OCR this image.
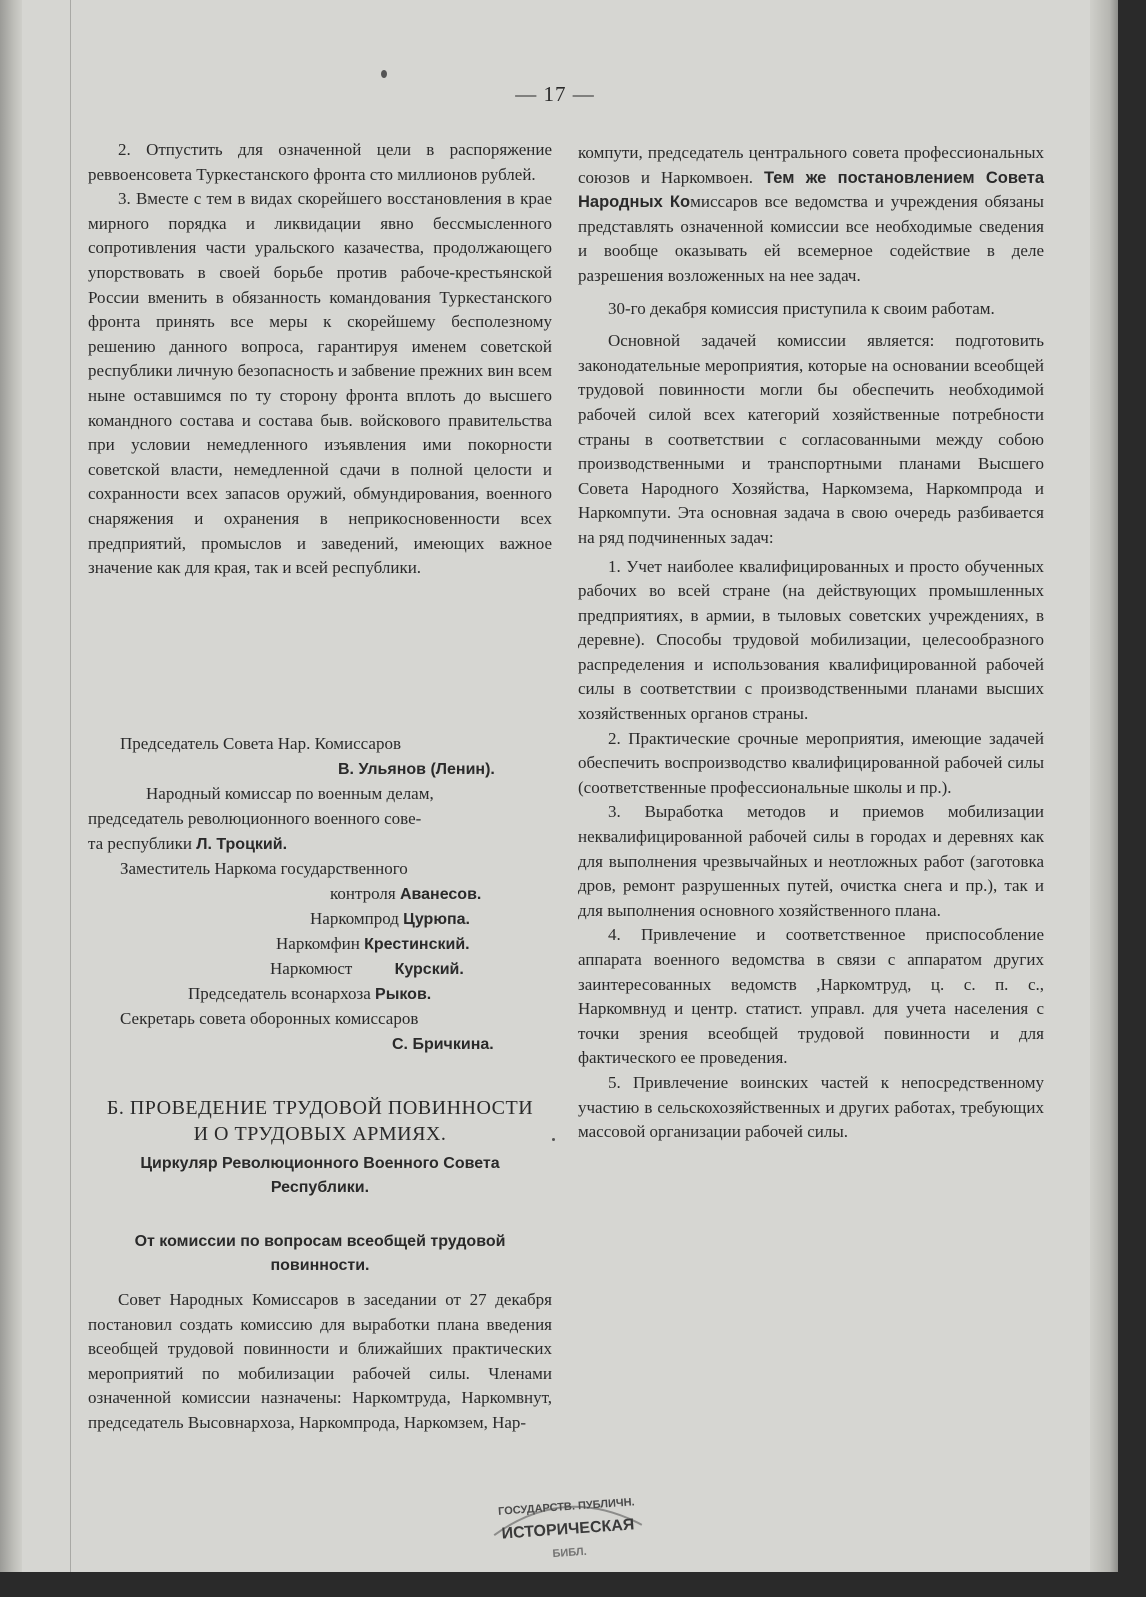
— 17 —

2. Отпустить для означенной цели в распоряжение реввоенсовета Туркестанского фронта сто миллионов рублей.

3. Вместе с тем в видах скорейшего восстановления в крае мирного порядка и ликвидации явно бессмысленного сопротивления части уральского казачества, продолжающего упорствовать в своей борьбе против рабоче-крестьянской России вменить в обязанность командования Туркестанского фронта принять все меры к скорейшему бесполезному решению данного вопроса, гарантируя именем советской республики личную безопасность и забвение прежних вин всем ныне оставшимся по ту сторону фронта вплоть до высшего командного состава и состава быв. войскового правительства при условии немедленного изъявления ими покорности советской власти, немедленной сдачи в полной целости и сохранности всех запасов оружий, обмундирования, военного снаряжения и охранения в неприкосновенности всех предприятий, промыслов и заведений, имеющих важное значение как для края, так и всей республики.

Председатель Совета Нар. Комиссаров
В. Ульянов (Ленин).
Народный комиссар по военным делам,
председатель революционного военного сове-
та республики Л. Троцкий.
Заместитель Наркома государственного
контроля Аванесов.
Наркомпрод Цурюпа.
Наркомфин Крестинский.
Наркомюст	Курский.
Председатель всонархоза Рыков.
Секретарь совета оборонных комиссаров
С. Бричкина.
Б. ПРОВЕДЕНИЕ ТРУДОВОЙ ПОВИННОСТИ
И О ТРУДОВЫХ АРМИЯХ.
Циркуляр Революционного Военного Совета
Республики.
От комиссии по вопросам всеобщей трудовой
повинности.

Совет Народных Комиссаров в заседании от 27 декабря постановил создать комиссию для выработки плана введения всеобщей трудовой повинности и ближайших практических мероприятий по мобилизации рабочей силы. Членами означенной комиссии назначены: Наркомтруда, Наркомвнут, председатель Высовнархоза, Наркомпрода, Наркомзем, Нар-

компути, председатель центрального совета профессиональных союзов и Наркомвоен. Тем же постановлением Совета Народных Комиссаров все ведомства и учреждения обязаны представлять означенной комиссии все необходимые сведения и вообще оказывать ей всемерное содействие в деле разрешения возложенных на нее задач.

30-го декабря комиссия приступила к своим работам.

Основной задачей комиссии является: подготовить законодательные мероприятия, которые на основании всеобщей трудовой повинности могли бы обеспечить необходимой рабочей силой всех категорий хозяйственные потребности страны в соответствии с согласованными между собою производственными и транспортными планами Высшего Совета Народного Хозяйства, Наркомзема, Наркомпрода и Наркомпути. Эта основная задача в свою очередь разбивается на ряд подчиненных задач:

1. Учет наиболее квалифицированных и просто обученных рабочих во всей стране (на действующих промышленных предприятиях, в армии, в тыловых советских учреждениях, в деревне). Способы трудовой мобилизации, целесообразного распределения и использования квалифицированной рабочей силы в соответствии с производственными планами высших хозяйственных органов страны.

2. Практические срочные мероприятия, имеющие задачей обеспечить воспроизводство квалифицированной рабочей силы (соответственные профессиональные школы и пр.).

3. Выработка методов и приемов мобилизации неквалифицированной рабочей силы в городах и деревнях как для выполнения чрезвычайных и неотложных работ (заготовка дров, ремонт разрушенных путей, очистка снега и пр.), так и для выполнения основного хозяйственного плана.

4. Привлечение и соответственное приспособление аппарата военного ведомства в связи с аппаратом других заинтересованных ведомств ,Наркомтруд, ц. с. п. с., Наркомвнуд и центр. статист. управл. для учета населения с точки зрения всеобщей трудовой повинности и для фактического ее проведения.

5. Привлечение воинских частей к непосредственному участию в сельскохозяйственных и других работах, требующих массовой организации рабочей силы.

ГОСУДАРСТВ. ПУБЛИЧН.
ИСТОРИЧЕСКАЯ
БИБЛ.
